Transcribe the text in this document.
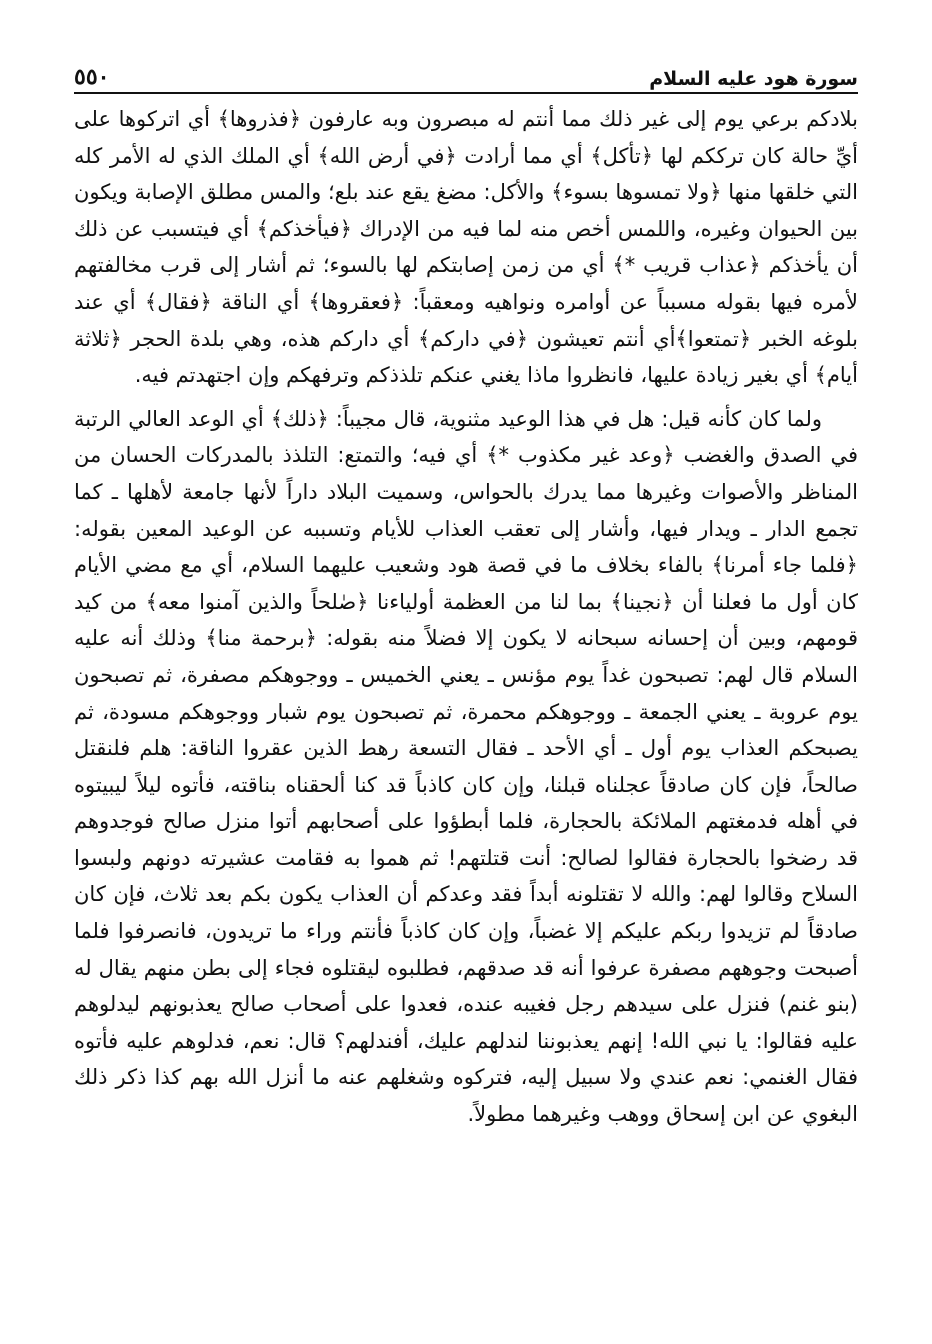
٥٥٠	سورة هود عليه السلام

بلادكم برعي يوم إلى غير ذلك مما أنتم له مبصرون وبه عارفون ﴿فذروها﴾ أي اتركوها على أيِّ حالة كان ترككم لها ﴿تأكل﴾ أي مما أرادت ﴿في أرض الله﴾ أي الملك الذي له الأمر كله التي خلقها منها ﴿ولا تمسوها بسوء﴾ والأكل: مضغ يقع عند بلع؛ والمس مطلق الإصابة ويكون بين الحيوان وغيره، واللمس أخص منه لما فيه من الإدراك ﴿فيأخذكم﴾ أي فيتسبب عن ذلك أن يأخذكم ﴿عذاب قريب *﴾ أي من زمن إصابتكم لها بالسوء؛ ثم أشار إلى قرب مخالفتهم لأمره فيها بقوله مسبباً عن أوامره ونواهيه ومعقباً: ﴿فعقروها﴾ أي الناقة ﴿فقال﴾ أي عند بلوغه الخبر ﴿تمتعوا﴾أي أنتم تعيشون ﴿في داركم﴾ أي داركم هذه، وهي بلدة الحجر ﴿ثلاثة أيام﴾ أي بغير زيادة عليها، فانظروا ماذا يغني عنكم تلذذكم وترفهكم وإن اجتهدتم فيه.

ولما كان كأنه قيل: هل في هذا الوعيد مثنوية، قال مجيباً: ﴿ذلك﴾ أي الوعد العالي الرتبة في الصدق والغضب ﴿وعد غير مكذوب *﴾ أي فيه؛ والتمتع: التلذذ بالمدركات الحسان من المناظر والأصوات وغيرها مما يدرك بالحواس، وسميت البلاد داراً لأنها جامعة لأهلها ـ كما تجمع الدار ـ ويدار فيها، وأشار إلى تعقب العذاب للأيام وتسببه عن الوعيد المعين بقوله: ﴿فلما جاء أمرنا﴾ بالفاء بخلاف ما في قصة هود وشعيب عليهما السلام، أي مع مضي الأيام كان أول ما فعلنا أن ﴿نجينا﴾ بما لنا من العظمة أولياءنا ﴿صٰلحاً والذين آمنوا معه﴾ من كيد قومهم، وبين أن إحسانه سبحانه لا يكون إلا فضلاً منه بقوله: ﴿برحمة منا﴾ وذلك أنه عليه السلام قال لهم: تصبحون غداً يوم مؤنس ـ يعني الخميس ـ ووجوهكم مصفرة، ثم تصبحون يوم عروبة ـ يعني الجمعة ـ ووجوهكم محمرة، ثم تصبحون يوم شبار ووجوهكم مسودة، ثم يصبحكم العذاب يوم أول ـ أي الأحد ـ فقال التسعة رهط الذين عقروا الناقة: هلم فلنقتل صالحاً، فإن كان صادقاً عجلناه قبلنا، وإن كان كاذباً قد كنا ألحقناه بناقته، فأتوه ليلاً ليبيتوه في أهله فدمغتهم الملائكة بالحجارة، فلما أبطؤوا على أصحابهم أتوا منزل صالح فوجدوهم قد رضخوا بالحجارة فقالوا لصالح: أنت قتلتهم! ثم هموا به فقامت عشيرته دونهم ولبسوا السلاح وقالوا لهم: والله لا تقتلونه أبداً فقد وعدكم أن العذاب يكون بكم بعد ثلاث، فإن كان صادقاً لم تزيدوا ربكم عليكم إلا غضباً، وإن كان كاذباً فأنتم وراء ما تريدون، فانصرفوا فلما أصبحت وجوههم مصفرة عرفوا أنه قد صدقهم، فطلبوه ليقتلوه فجاء إلى بطن منهم يقال له (بنو غنم) فنزل على سيدهم رجل فغيبه عنده، فعدوا على أصحاب صالح يعذبونهم ليدلوهم عليه فقالوا: يا نبي الله! إنهم يعذبوننا لندلهم عليك، أفندلهم؟ قال: نعم، فدلوهم عليه فأتوه فقال الغنمي: نعم عندي ولا سبيل إليه، فتركوه وشغلهم عنه ما أنزل الله بهم كذا ذكر ذلك البغوي عن ابن إسحاق ووهب وغيرهما مطولاً.
